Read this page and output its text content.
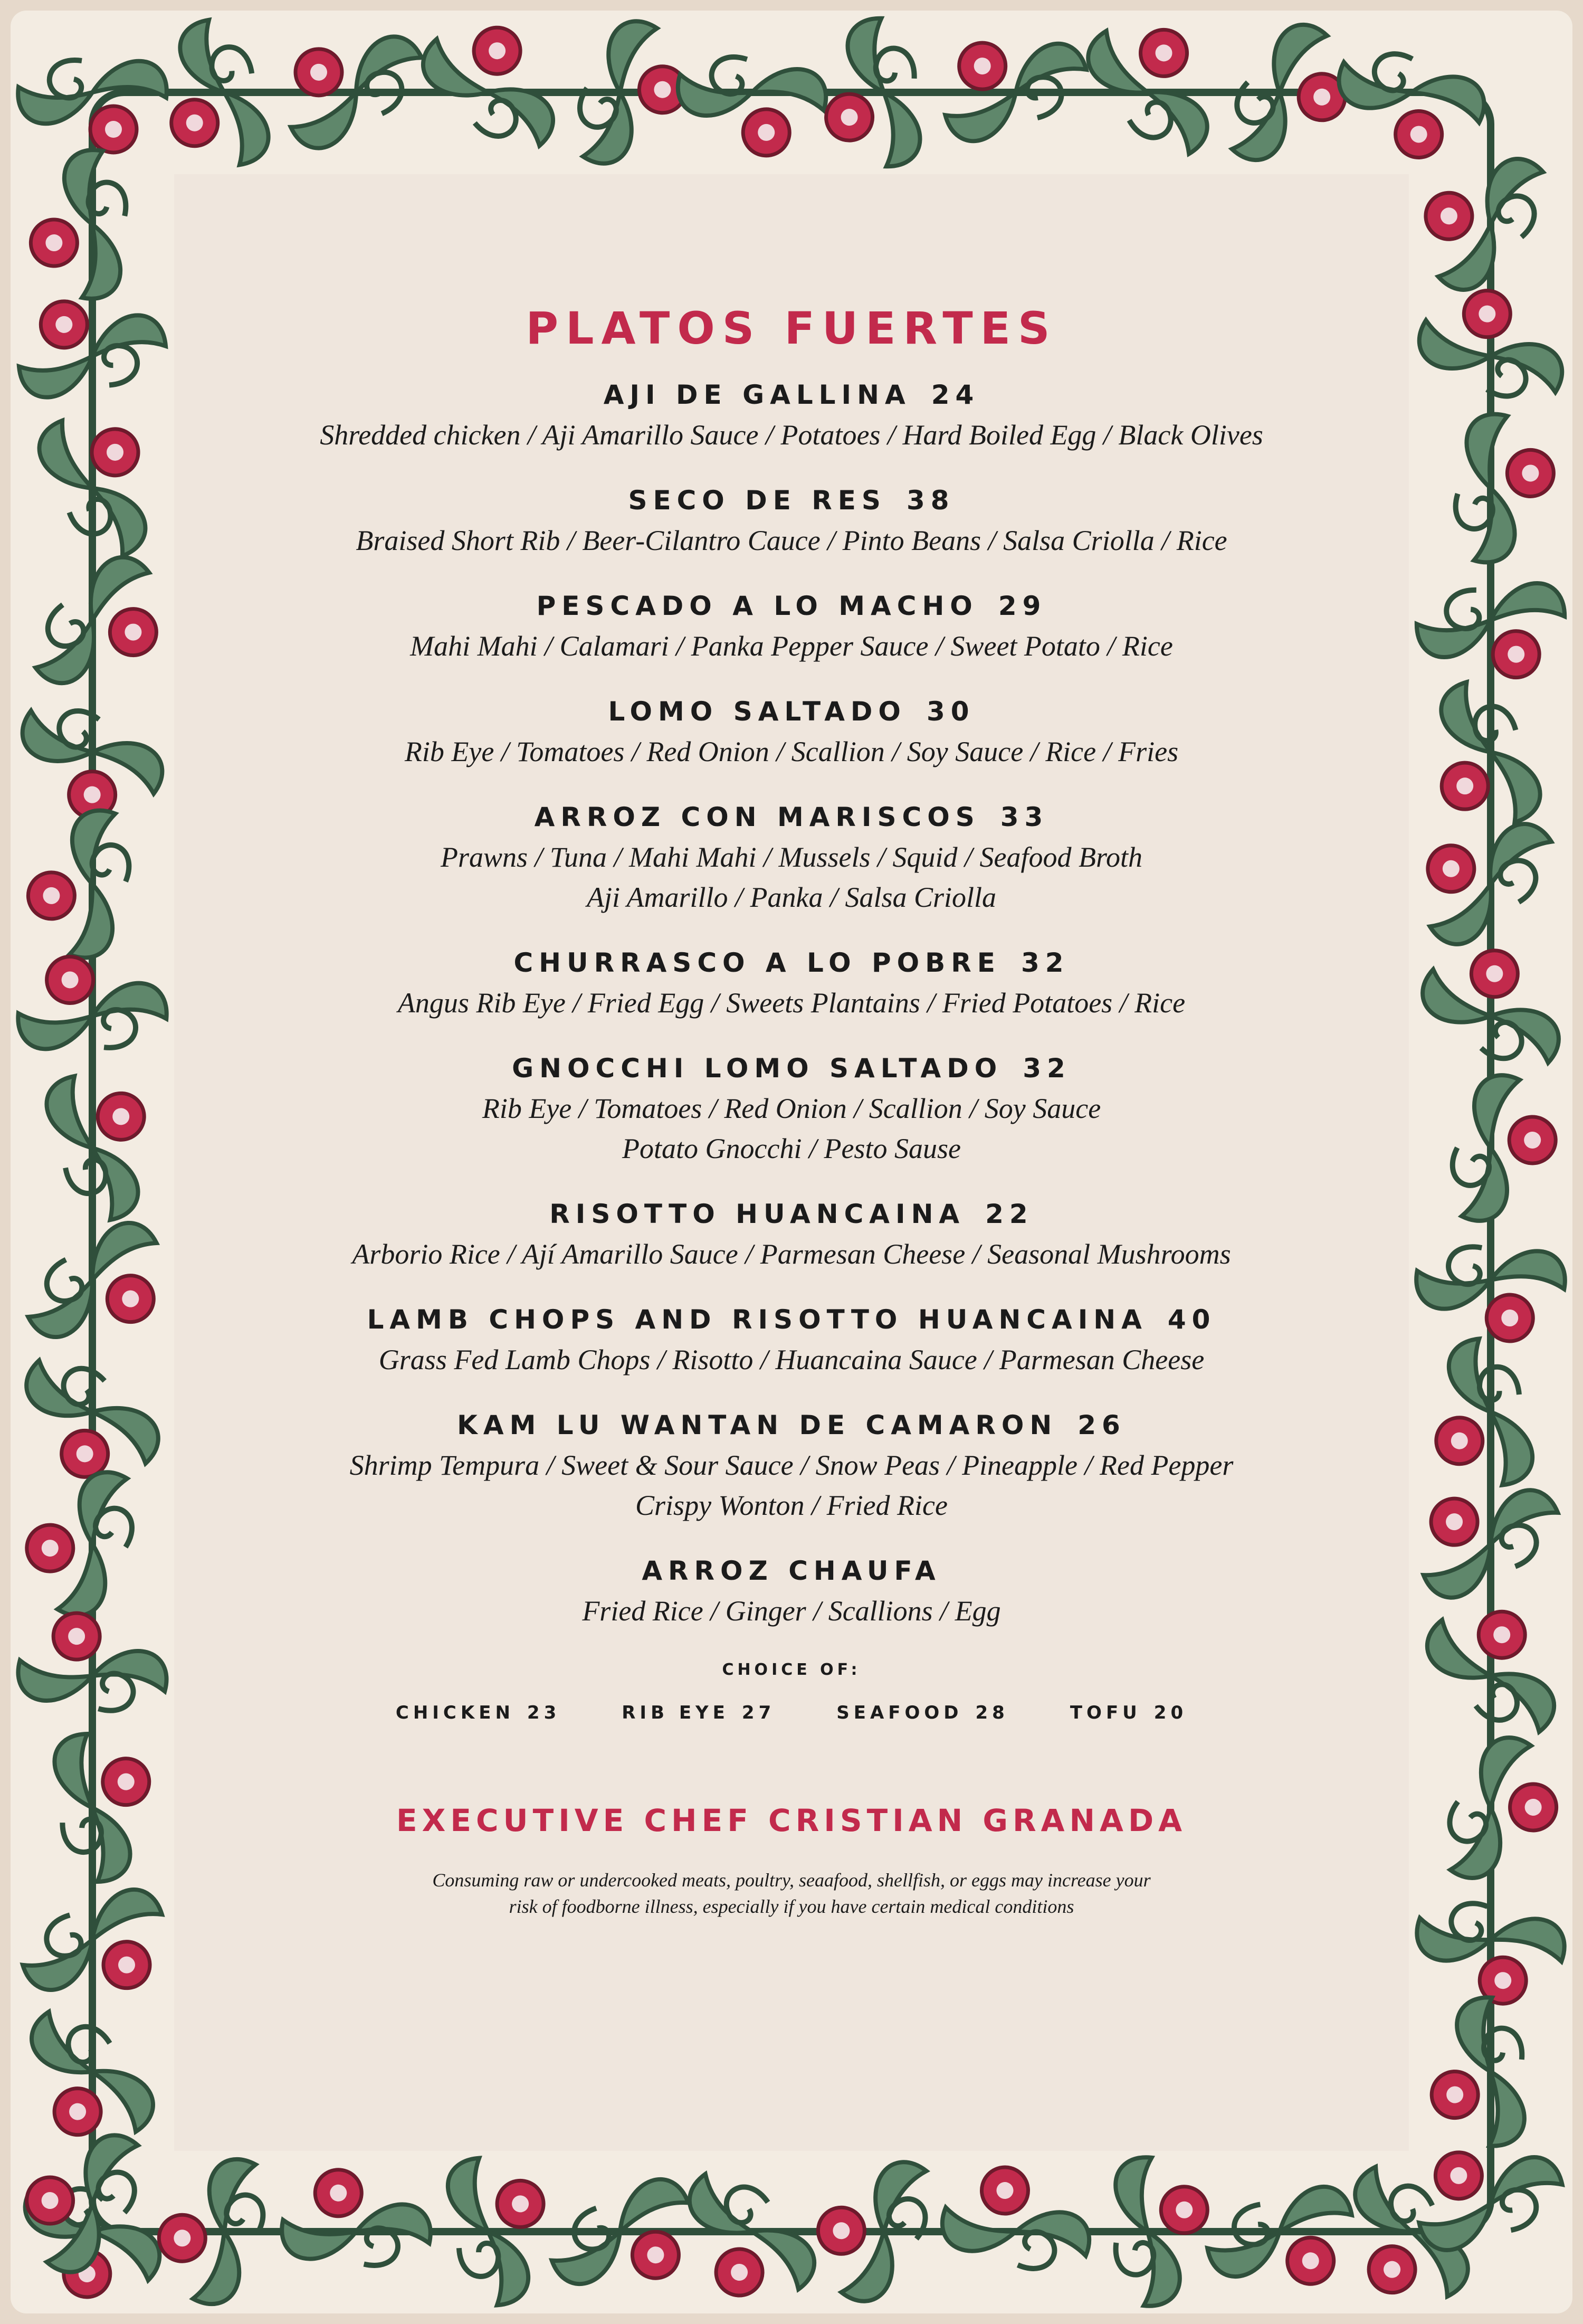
PLATOS FUERTES
AJI DE GALLINA 24
Shredded chicken / Aji Amarillo Sauce / Potatoes / Hard Boiled Egg / Black Olives
SECO DE RES 38
Braised Short Rib / Beer-Cilantro Cauce / Pinto Beans / Salsa Criolla / Rice
PESCADO A LO MACHO 29
Mahi Mahi / Calamari / Panka Pepper Sauce / Sweet Potato / Rice
LOMO SALTADO 30
Rib Eye / Tomatoes / Red Onion / Scallion / Soy Sauce / Rice / Fries
ARROZ CON MARISCOS 33
Prawns / Tuna / Mahi Mahi / Mussels / Squid / Seafood Broth
Aji Amarillo / Panka / Salsa Criolla
CHURRASCO A LO POBRE 32
Angus Rib Eye / Fried Egg / Sweets Plantains / Fried Potatoes / Rice
GNOCCHI LOMO SALTADO 32
Rib Eye / Tomatoes / Red Onion / Scallion / Soy Sauce
Potato Gnocchi / Pesto Sause
RISOTTO HUANCAINA 22
Arborio Rice / Ají Amarillo Sauce / Parmesan Cheese / Seasonal Mushrooms
LAMB CHOPS AND RISOTTO HUANCAINA 40
Grass Fed Lamb Chops / Risotto / Huancaina Sauce / Parmesan Cheese
KAM LU WANTAN DE CAMARON 26
Shrimp Tempura / Sweet & Sour Sauce / Snow Peas / Pineapple / Red Pepper
Crispy Wonton / Fried Rice
ARROZ CHAUFA
Fried Rice / Ginger / Scallions / Egg
CHOICE OF:
CHICKEN 23	RIB EYE 27	SEAFOOD 28	TOFU 20
EXECUTIVE CHEF CRISTIAN GRANADA
Consuming raw or undercooked meats, poultry, seaafood, shellfish, or eggs may increase your
risk of foodborne illness, especially if you have certain medical conditions
